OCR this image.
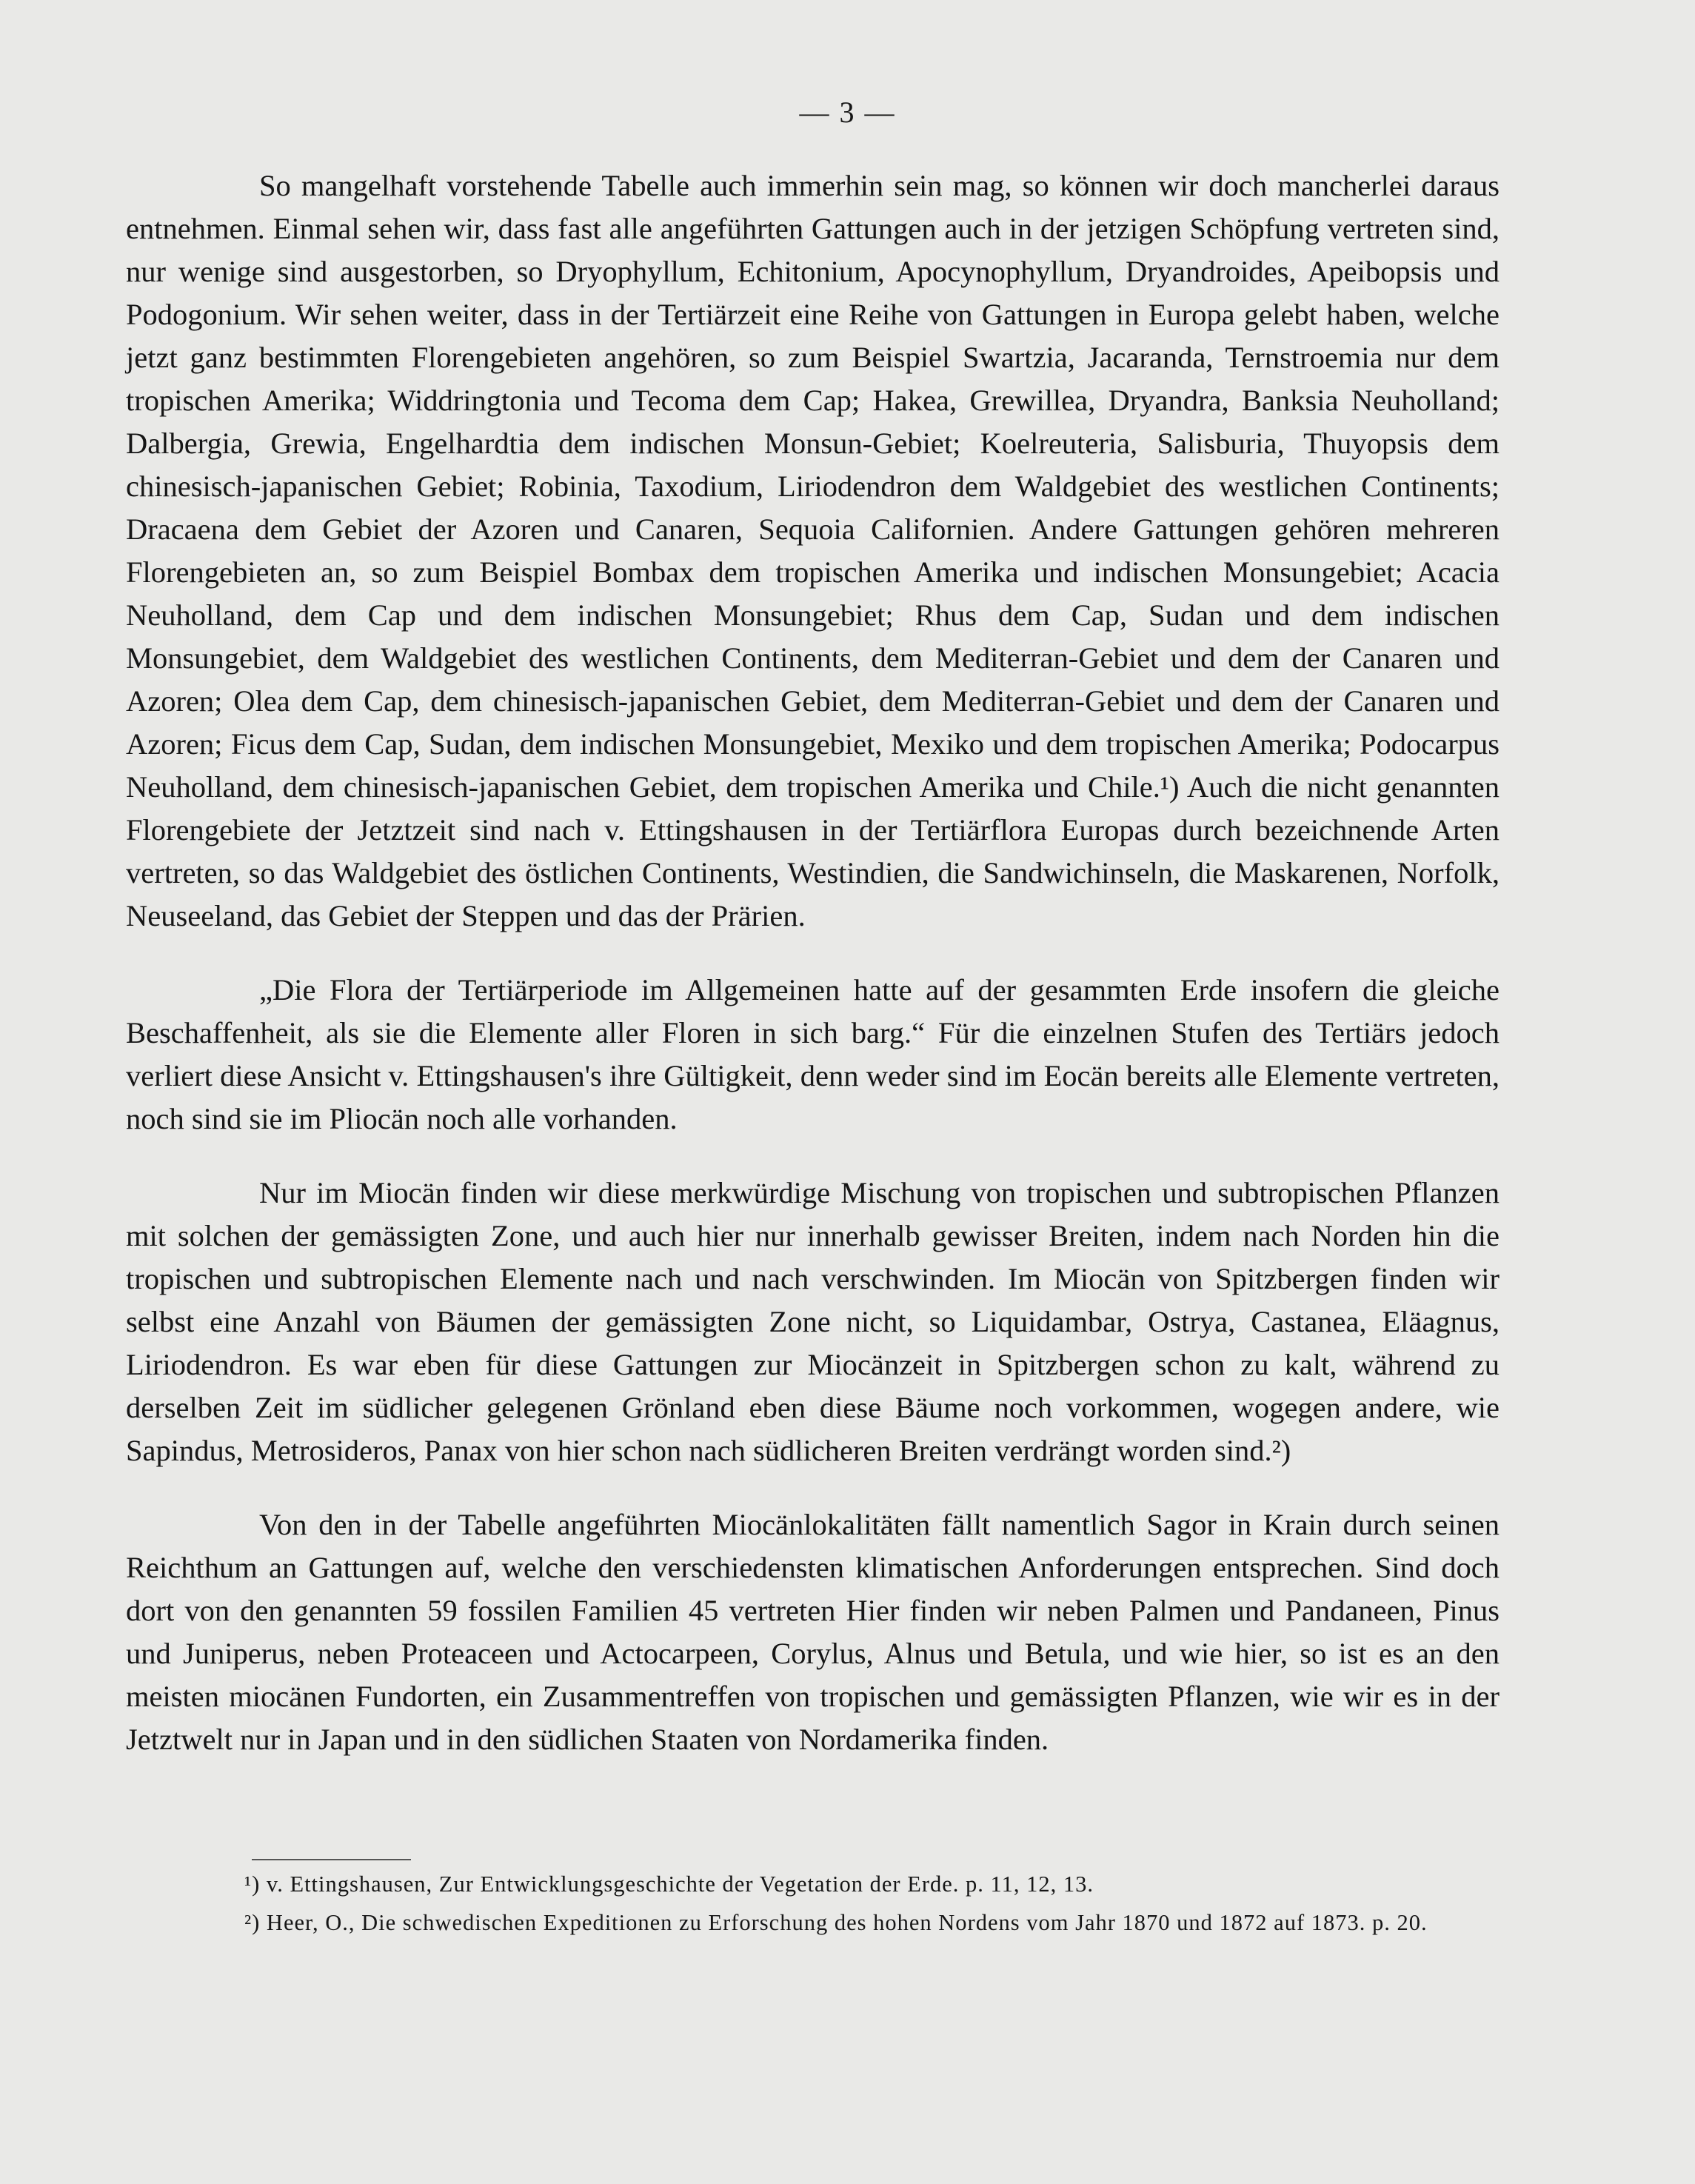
— 3 —

So mangelhaft vorstehende Tabelle auch immerhin sein mag, so können wir doch mancherlei daraus entnehmen. Einmal sehen wir, dass fast alle angeführten Gattungen auch in der jetzigen Schöpfung vertreten sind, nur wenige sind ausgestorben, so Dryophyllum, Echitonium, Apocynophyllum, Dryandroides, Apeibopsis und Podogonium. Wir sehen weiter, dass in der Tertiärzeit eine Reihe von Gattungen in Europa gelebt haben, welche jetzt ganz bestimmten Florengebieten angehören, so zum Beispiel Swartzia, Jacaranda, Ternstroemia nur dem tropischen Amerika; Widdringtonia und Tecoma dem Cap; Hakea, Grewillea, Dryandra, Banksia Neuholland; Dalbergia, Grewia, Engelhardtia dem indischen Monsun-Gebiet; Koelreuteria, Salisburia, Thuyopsis dem chinesisch-japanischen Gebiet; Robinia, Taxodium, Liriodendron dem Waldgebiet des westlichen Continents; Dracaena dem Gebiet der Azoren und Canaren, Sequoia Californien. Andere Gattungen gehören mehreren Florengebieten an, so zum Beispiel Bombax dem tropischen Amerika und indischen Monsungebiet; Acacia Neuholland, dem Cap und dem indischen Monsungebiet; Rhus dem Cap, Sudan und dem indischen Monsungebiet, dem Waldgebiet des westlichen Continents, dem Mediterran-Gebiet und dem der Canaren und Azoren; Olea dem Cap, dem chinesisch-japanischen Gebiet, dem Mediterran-Gebiet und dem der Canaren und Azoren; Ficus dem Cap, Sudan, dem indischen Monsungebiet, Mexiko und dem tropischen Amerika; Podocarpus Neuholland, dem chinesisch-japanischen Gebiet, dem tropischen Amerika und Chile.¹) Auch die nicht genannten Florengebiete der Jetztzeit sind nach v. Ettingshausen in der Tertiärflora Europas durch bezeichnende Arten vertreten, so das Waldgebiet des östlichen Continents, Westindien, die Sandwichinseln, die Maskarenen, Norfolk, Neuseeland, das Gebiet der Steppen und das der Prärien.

„Die Flora der Tertiärperiode im Allgemeinen hatte auf der gesammten Erde insofern die gleiche Beschaffenheit, als sie die Elemente aller Floren in sich barg.“ Für die einzelnen Stufen des Tertiärs jedoch verliert diese Ansicht v. Ettingshausen's ihre Gültigkeit, denn weder sind im Eocän bereits alle Elemente vertreten, noch sind sie im Pliocän noch alle vorhanden.

Nur im Miocän finden wir diese merkwürdige Mischung von tropischen und subtropischen Pflanzen mit solchen der gemässigten Zone, und auch hier nur innerhalb gewisser Breiten, indem nach Norden hin die tropischen und subtropischen Elemente nach und nach verschwinden. Im Miocän von Spitzbergen finden wir selbst eine Anzahl von Bäumen der gemässigten Zone nicht, so Liquidambar, Ostrya, Castanea, Eläagnus, Liriodendron. Es war eben für diese Gattungen zur Miocänzeit in Spitzbergen schon zu kalt, während zu derselben Zeit im südlicher gelegenen Grönland eben diese Bäume noch vorkommen, wogegen andere, wie Sapindus, Metrosideros, Panax von hier schon nach südlicheren Breiten verdrängt worden sind.²)

Von den in der Tabelle angeführten Miocänlokalitäten fällt namentlich Sagor in Krain durch seinen Reichthum an Gattungen auf, welche den verschiedensten klimatischen Anforderungen entsprechen. Sind doch dort von den genannten 59 fossilen Familien 45 vertreten Hier finden wir neben Palmen und Pandaneen, Pinus und Juniperus, neben Proteaceen und Actocarpeen, Corylus, Alnus und Betula, und wie hier, so ist es an den meisten miocänen Fundorten, ein Zusammentreffen von tropischen und gemässigten Pflanzen, wie wir es in der Jetztwelt nur in Japan und in den südlichen Staaten von Nordamerika finden.

¹) v. Ettingshausen, Zur Entwicklungsgeschichte der Vegetation der Erde. p. 11, 12, 13.

²) Heer, O., Die schwedischen Expeditionen zu Erforschung des hohen Nordens vom Jahr 1870 und 1872 auf 1873. p. 20.
